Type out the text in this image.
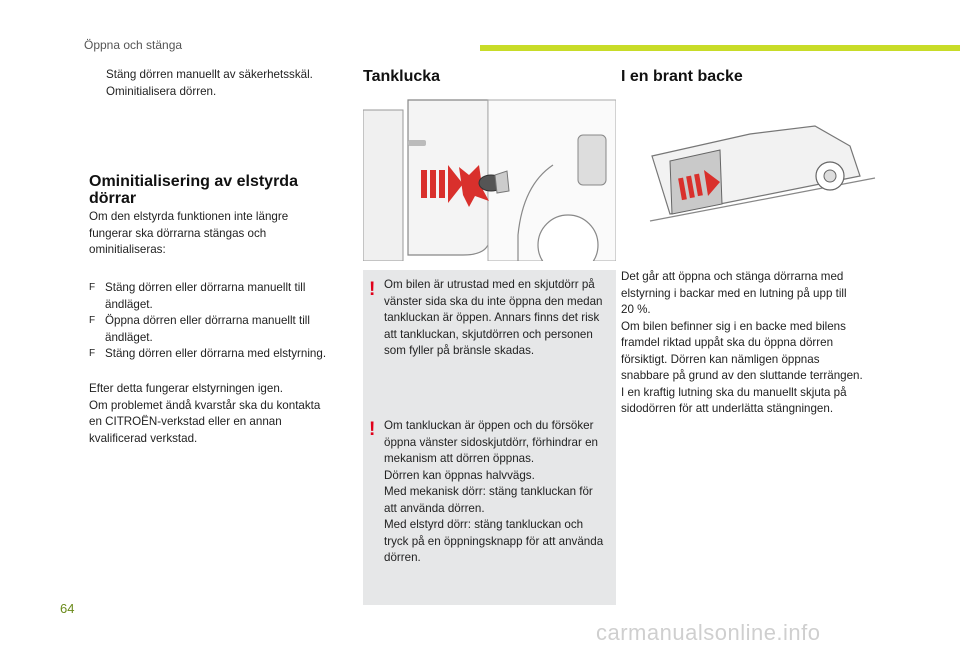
Öppna och stänga
Stäng dörren manuellt av säkerhetsskäl.
Ominitialisera dörren.
Ominitialisering av elstyrda
dörrar
Om den elstyrda funktionen inte längre
fungerar ska dörrarna stängas och
ominitialiseras:
F Stäng dörren eller dörrarna manuellt till
ändläget.
F Öppna dörren eller dörrarna manuellt till
ändläget.
F Stäng dörren eller dörrarna med elstyrning.
Efter detta fungerar elstyrningen igen.
Om problemet ändå kvarstår ska du kontakta
en CITROËN-verkstad eller en annan
kvalificerad verkstad.
Tanklucka
! Om bilen är utrustad med en skjutdörr på
vänster sida ska du inte öppna den medan
tankluckan är öppen. Annars finns det risk
att tankluckan, skjutdörren och personen
som fyller på bränsle skadas.
! Om tankluckan är öppen och du försöker
öppna vänster sidoskjutdörr, förhindrar en
mekanism att dörren öppnas.
Dörren kan öppnas halvvägs.
Med mekanisk dörr: stäng tankluckan för
att använda dörren.
Med elstyrd dörr: stäng tankluckan och
tryck på en öppningsknapp för att använda
dörren.
I en brant backe
Det går att öppna och stänga dörrarna med
elstyrning i backar med en lutning på upp till
20 %.
Om bilen befinner sig i en backe med bilens
framdel riktad uppåt ska du öppna dörren
försiktigt. Dörren kan nämligen öppnas
snabbare på grund av den sluttande terrängen.
I en kraftig lutning ska du manuellt skjuta på
sidodörren för att underlätta stängningen.
64
carmanualsonline.info
